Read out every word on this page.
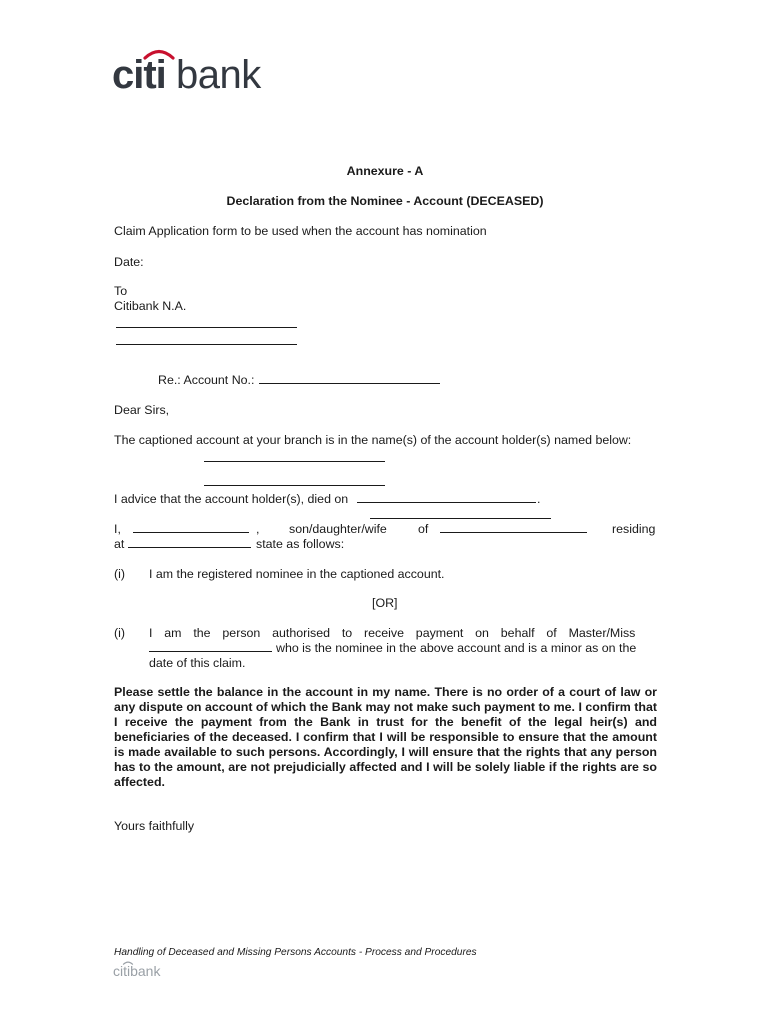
citi bank
Annexure - A
Declaration from the Nominee - Account (DECEASED)
Claim Application form to be used when the account has nomination
Date:
To
Citibank N.A.
Re.: Account No.:
Dear Sirs,
The captioned account at your branch is in the name(s) of the account holder(s) named below:
I advice that the account holder(s), died on	.
I,	, son/daughter/wife	of	residing
at	state as follows:
(i) I am the registered nominee in the captioned account.
[OR]
(i) I am the person authorised to receive payment on behalf of Master/Miss
who is the nominee in the above account and is a minor as on the
date of this claim.
Please settle the balance in the account in my name. There is no order of a court of law or any dispute on account of which the Bank may not make such payment to me. I confirm that I receive the payment from the Bank in trust for the benefit of the legal heir(s) and beneficiaries of the deceased. I confirm that I will be responsible to ensure that the amount is made available to such persons. Accordingly, I will ensure that the rights that any person has to the amount, are not prejudicially affected and I will be solely liable if the rights are so affected.
Yours faithfully
Handling of Deceased and Missing Persons Accounts - Process and Procedures
citibank
